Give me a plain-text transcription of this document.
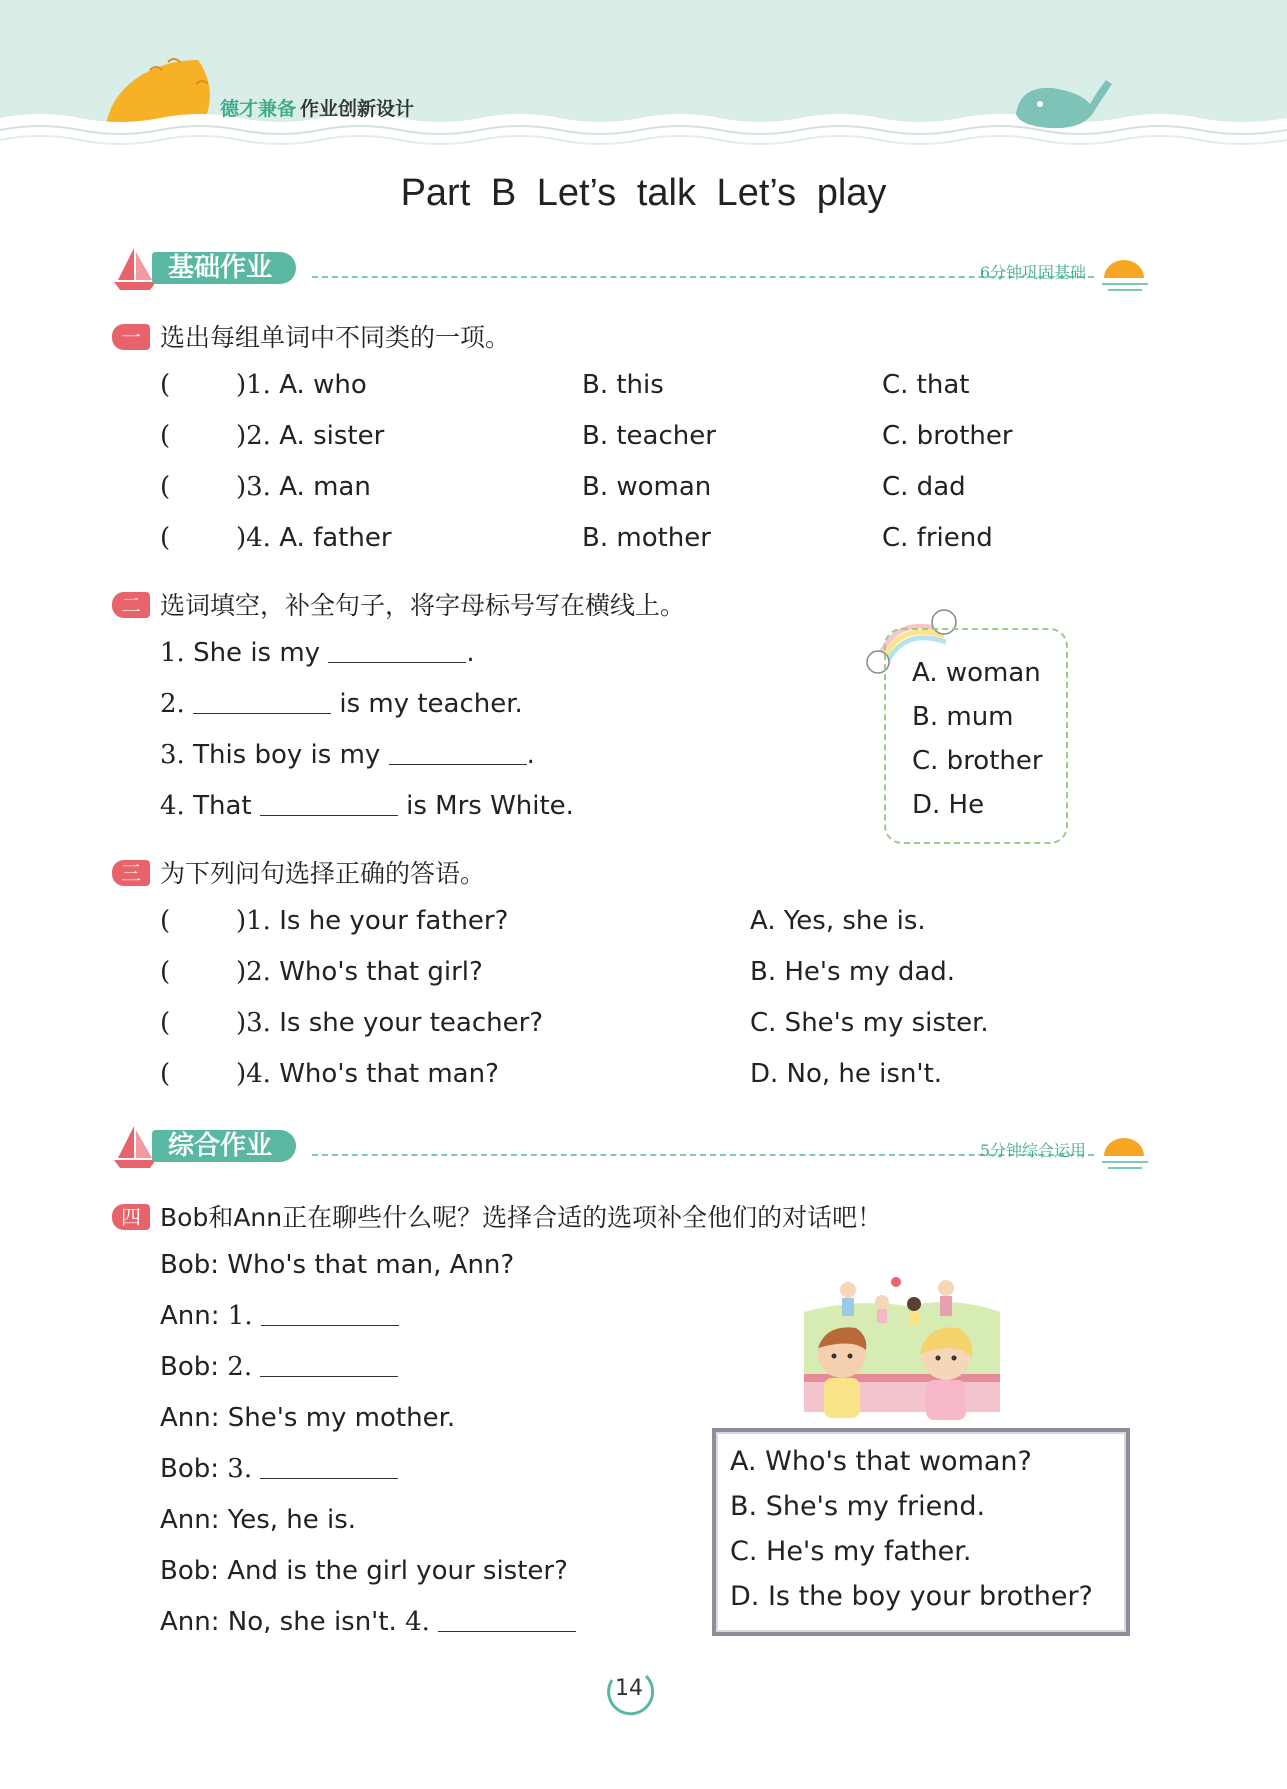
德才兼备 作业创新设计
Part B Let’s talk Let’s play
基础作业	6分钟巩固基础
一 选出每组单词中不同类的一项。
(	)1. A. who	B. this	C. that
(	)2. A. sister	B. teacher	C. brother
(	)3. A. man	B. woman	C. dad
(	)4. A. father	B. mother	C. friend
二 选词填空，补全句子，将字母标号写在横线上。
1. She is my	.
2.	is my teacher.
3. This boy is my	.
4. That	is Mrs White.
A. woman
B. mum
C. brother
D. He
三 为下列问句选择正确的答语。
(	)1. Is he your father?	A. Yes, she is.
(	)2. Who's that girl?	B. He's my dad.
(	)3. Is she your teacher?	C. She's my sister.
(	)4. Who's that man?	D. No, he isn't.
综合作业	5分钟综合运用
四 Bob和Ann正在聊些什么呢？选择合适的选项补全他们的对话吧！
Bob: Who's that man, Ann?
Ann: 1.
Bob: 2.
Ann: She's my mother.
Bob: 3.
Ann: Yes, he is.
Bob: And is the girl your sister?
Ann: No, she isn't. 4.
A. Who's that woman?
B. She's my friend.
C. He's my father.
D. Is the boy your brother?
14
